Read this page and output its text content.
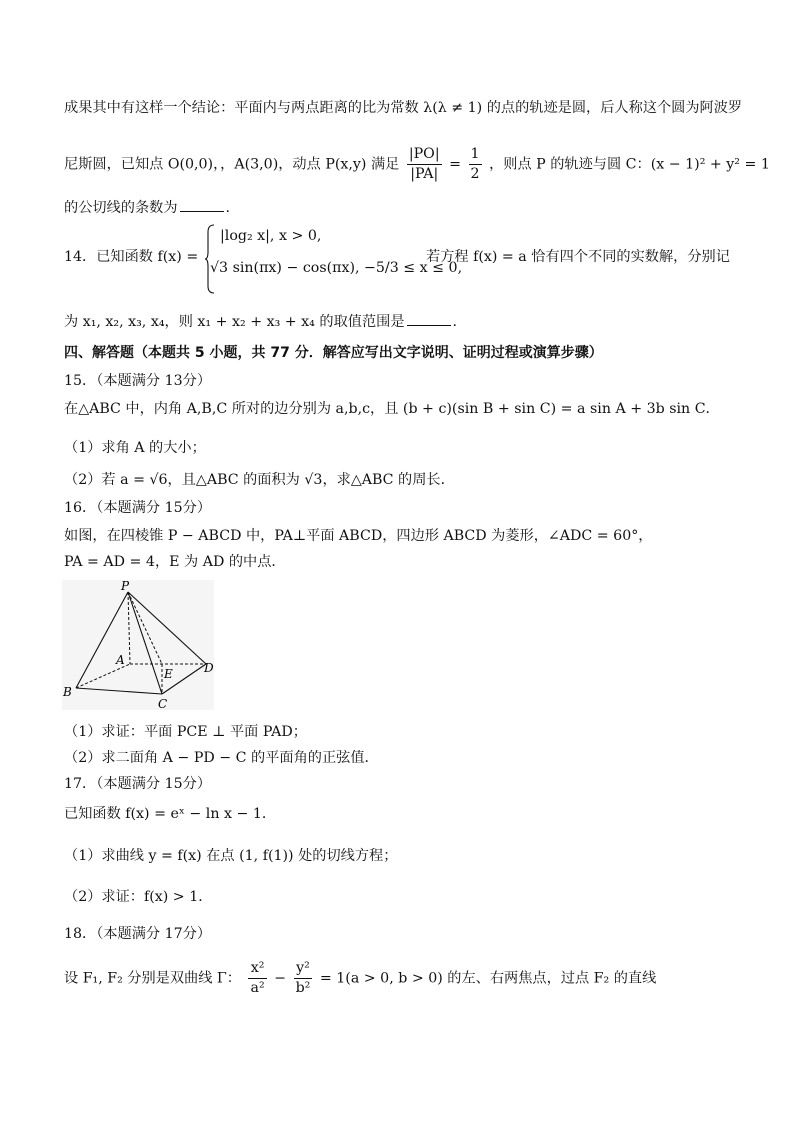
成果其中有这样一个结论：平面内与两点距离的比为常数 λ(λ ≠ 1) 的点的轨迹是圆，后人称这个圆为阿波罗
尼斯圆，已知点 O(0,0)，，A(3,0)，动点 P(x,y) 满足 $\frac{|PO|}{|PA|} = \frac{1}{2}$ ，则点 P 的轨迹与圆 C：(x − 1)² + y² = 1
的公切线的条数为	.
14．已知函数 f(x) =
|log₂ x|, x > 0,
√3 sin(πx) − cos(πx), −5/3 ≤ x ≤ 0,
若方程 f(x) = a 恰有四个不同的实数解，分别记
为 x₁, x₂, x₃, x₄，则 x₁ + x₂ + x₃ + x₄ 的取值范围是	.
四、解答题（本题共 5 小题，共 77 分．解答应写出文字说明、证明过程或演算步骤）
15．（本题满分 13分）
在△ABC 中，内角 A,B,C 所对的边分别为 a,b,c，且 (b + c)(sin B + sin C) = a sin A + 3b sin C．
（1）求角 A 的大小；
（2）若 a = √6，且△ABC 的面积为 √3，求△ABC 的周长．
16．（本题满分 15分）
如图，在四棱锥 P − ABCD 中，PA⊥平面 ABCD，四边形 ABCD 为菱形，∠ADC = 60°，
PA = AD = 4，E 为 AD 的中点．
P
A
B
C
D
E
（1）求证：平面 PCE ⊥ 平面 PAD；
（2）求二面角 A − PD − C 的平面角的正弦值．
17．（本题满分 15分）
已知函数 f(x) = eˣ − ln x − 1．
（1）求曲线 y = f(x) 在点 (1, f(1)) 处的切线方程；
（2）求证：f(x) > 1．
18．（本题满分 17分）
设 F₁, F₂ 分别是双曲线 Γ： $\frac{\text{x²}}{\text{a²}} - \frac{\text{y²}}{\text{b²}} = 1(a > 0$, b > 0) 的左、右两焦点，过点 F₂ 的直线
